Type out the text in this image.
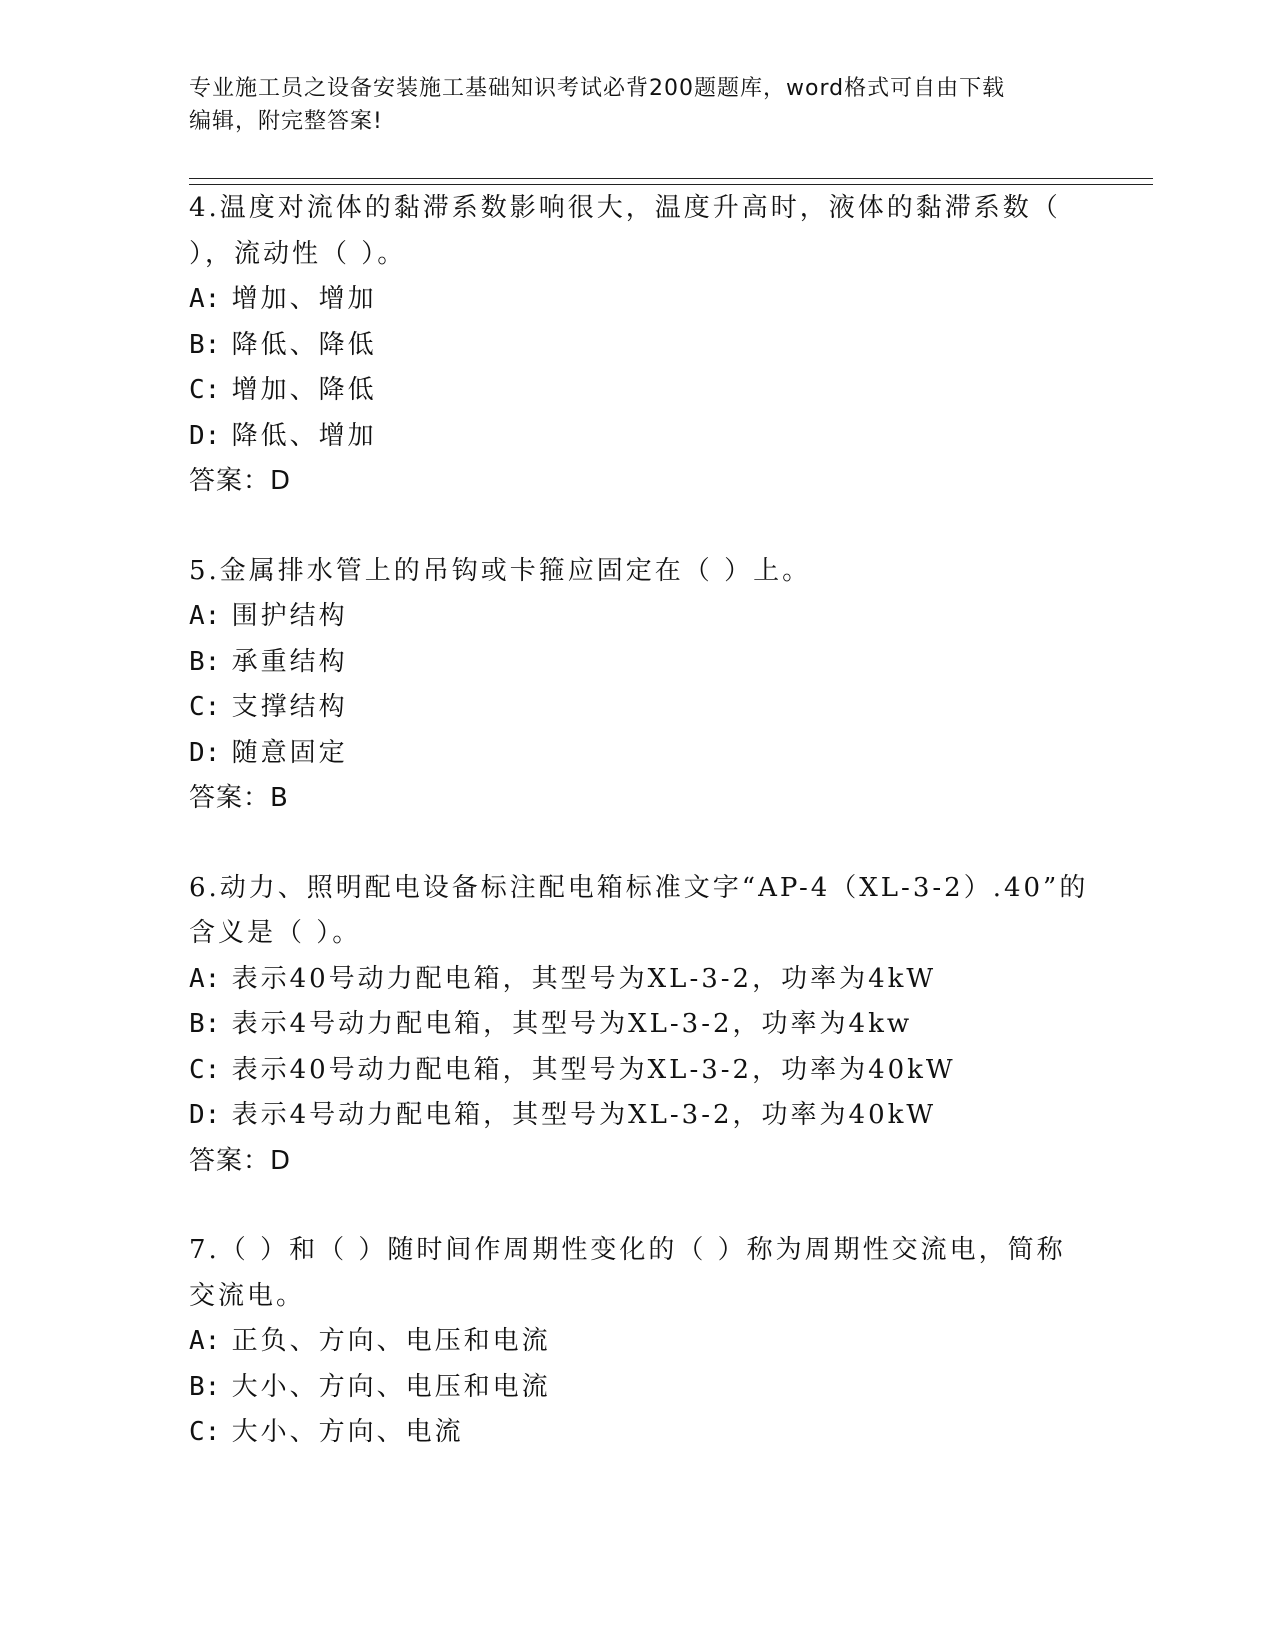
专业施工员之设备安装施工基础知识考试必背200题题库，word格式可自由下载
编辑，附完整答案!
4.温度对流体的黏滞系数影响很大，温度升高时，液体的黏滞系数（
），流动性（ ）。
A: 增加、增加
B: 降低、降低
C: 增加、降低
D: 降低、增加
答案：D
5.金属排水管上的吊钩或卡箍应固定在（ ）上。
A: 围护结构
B: 承重结构
C: 支撑结构
D: 随意固定
答案：B
6.动力、照明配电设备标注配电箱标准文字“AP-4（XL-3-2）.40”的
含义是（ ）。
A: 表示40号动力配电箱，其型号为XL-3-2，功率为4kW
B: 表示4号动力配电箱，其型号为XL-3-2，功率为4kw
C: 表示40号动力配电箱，其型号为XL-3-2，功率为40kW
D: 表示4号动力配电箱，其型号为XL-3-2，功率为40kW
答案：D
7.（ ）和（ ）随时间作周期性变化的（ ）称为周期性交流电，简称
交流电。
A: 正负、方向、电压和电流
B: 大小、方向、电压和电流
C: 大小、方向、电流
